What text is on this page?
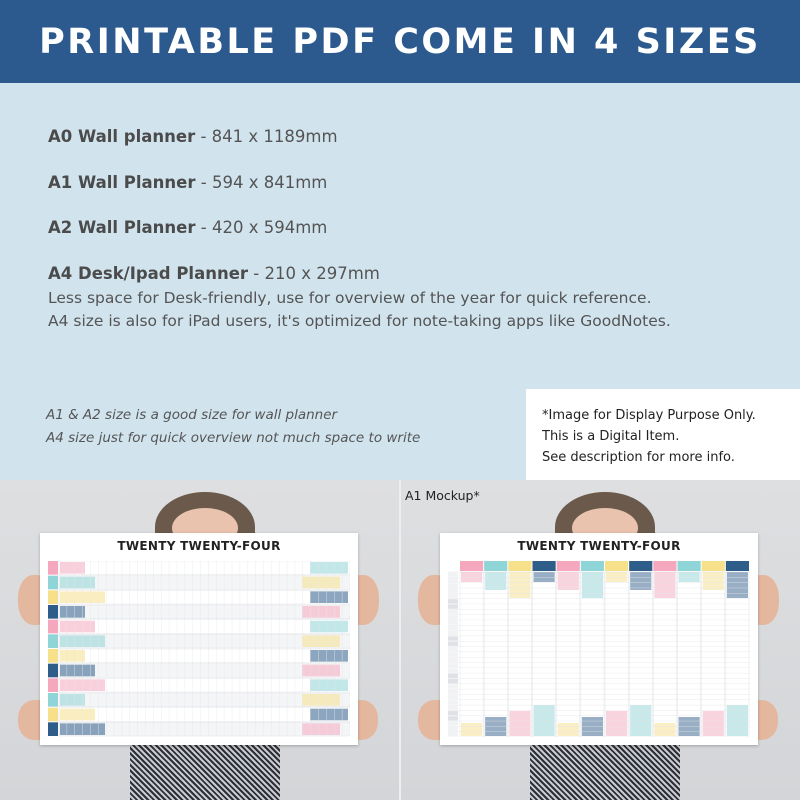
PRINTABLE PDF COME IN 4 SIZES
A0 Wall planner - 841 x 1189mm
A1 Wall Planner - 594 x 841mm
A2 Wall Planner - 420 x 594mm
A4 Desk/Ipad Planner - 210 x 297mm
Less space for Desk-friendly, use for overview of the year for quick reference.
A4 size is also for iPad users, it's optimized for note-taking apps like GoodNotes.
A1 & A2 size is a good size for wall planner
A4 size just for quick overview not much space to write
*Image for Display Purpose Only.
This is a Digital Item.
See description for more info.
TWENTY TWENTY-FOUR	TWENTY TWENTY-FOUR
A1 Mockup*
